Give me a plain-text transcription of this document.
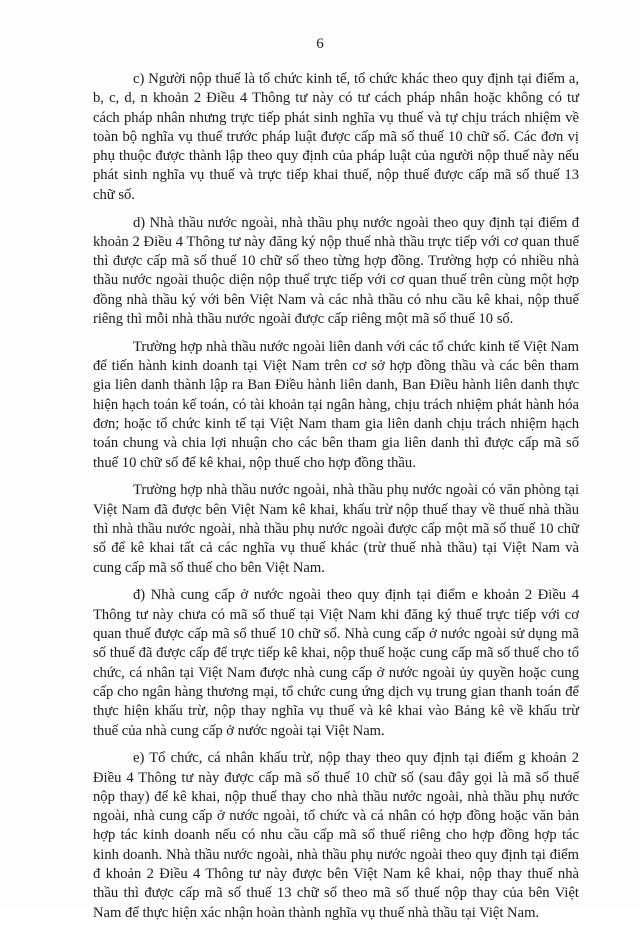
6

c) Người nộp thuế là tổ chức kinh tế, tổ chức khác theo quy định tại điểm a, b, c, d, n khoản 2 Điều 4 Thông tư này có tư cách pháp nhân hoặc không có tư cách pháp nhân nhưng trực tiếp phát sinh nghĩa vụ thuế và tự chịu trách nhiệm về toàn bộ nghĩa vụ thuế trước pháp luật được cấp mã số thuế 10 chữ số. Các đơn vị phụ thuộc được thành lập theo quy định của pháp luật của người nộp thuế này nếu phát sinh nghĩa vụ thuế và trực tiếp khai thuế, nộp thuế được cấp mã số thuế 13 chữ số.

d) Nhà thầu nước ngoài, nhà thầu phụ nước ngoài theo quy định tại điểm đ khoản 2 Điều 4 Thông tư này đăng ký nộp thuế nhà thầu trực tiếp với cơ quan thuế thì được cấp mã số thuế 10 chữ số theo từng hợp đồng. Trường hợp có nhiều nhà thầu nước ngoài thuộc diện nộp thuế trực tiếp với cơ quan thuế trên cùng một hợp đồng nhà thầu ký với bên Việt Nam và các nhà thầu có nhu cầu kê khai, nộp thuế riêng thì mỗi nhà thầu nước ngoài được cấp riêng một mã số thuế 10 số.

Trường hợp nhà thầu nước ngoài liên danh với các tổ chức kinh tế Việt Nam để tiến hành kinh doanh tại Việt Nam trên cơ sở hợp đồng thầu và các bên tham gia liên danh thành lập ra Ban Điều hành liên danh, Ban Điều hành liên danh thực hiện hạch toán kế toán, có tài khoản tại ngân hàng, chịu trách nhiệm phát hành hóa đơn; hoặc tổ chức kinh tế tại Việt Nam tham gia liên danh chịu trách nhiệm hạch toán chung và chia lợi nhuận cho các bên tham gia liên danh thì được cấp mã số thuế 10 chữ số để kê khai, nộp thuế cho hợp đồng thầu.

Trường hợp nhà thầu nước ngoài, nhà thầu phụ nước ngoài có văn phòng tại Việt Nam đã được bên Việt Nam kê khai, khấu trừ nộp thuế thay về thuế nhà thầu thì nhà thầu nước ngoài, nhà thầu phụ nước ngoài được cấp một mã số thuế 10 chữ số để kê khai tất cả các nghĩa vụ thuế khác (trừ thuế nhà thầu) tại Việt Nam và cung cấp mã số thuế cho bên Việt Nam.

đ) Nhà cung cấp ở nước ngoài theo quy định tại điểm e khoản 2 Điều 4 Thông tư này chưa có mã số thuế tại Việt Nam khi đăng ký thuế trực tiếp với cơ quan thuế được cấp mã số thuế 10 chữ số. Nhà cung cấp ở nước ngoài sử dụng mã số thuế đã được cấp để trực tiếp kê khai, nộp thuế hoặc cung cấp mã số thuế cho tổ chức, cá nhân tại Việt Nam được nhà cung cấp ở nước ngoài ủy quyền hoặc cung cấp cho ngân hàng thương mại, tổ chức cung ứng dịch vụ trung gian thanh toán để thực hiện khấu trừ, nộp thay nghĩa vụ thuế và kê khai vào Bảng kê về khấu trừ thuế của nhà cung cấp ở nước ngoài tại Việt Nam.

e) Tổ chức, cá nhân khấu trừ, nộp thay theo quy định tại điểm g khoản 2 Điều 4 Thông tư này được cấp mã số thuế 10 chữ số (sau đây gọi là mã số thuế nộp thay) để kê khai, nộp thuế thay cho nhà thầu nước ngoài, nhà thầu phụ nước ngoài, nhà cung cấp ở nước ngoài, tổ chức và cá nhân có hợp đồng hoặc văn bản hợp tác kinh doanh nếu có nhu cầu cấp mã số thuế riêng cho hợp đồng hợp tác kinh doanh. Nhà thầu nước ngoài, nhà thầu phụ nước ngoài theo quy định tại điểm đ khoản 2 Điều 4 Thông tư này được bên Việt Nam kê khai, nộp thay thuế nhà thầu thì được cấp mã số thuế 13 chữ số theo mã số thuế nộp thay của bên Việt Nam để thực hiện xác nhận hoàn thành nghĩa vụ thuế nhà thầu tại Việt Nam.
